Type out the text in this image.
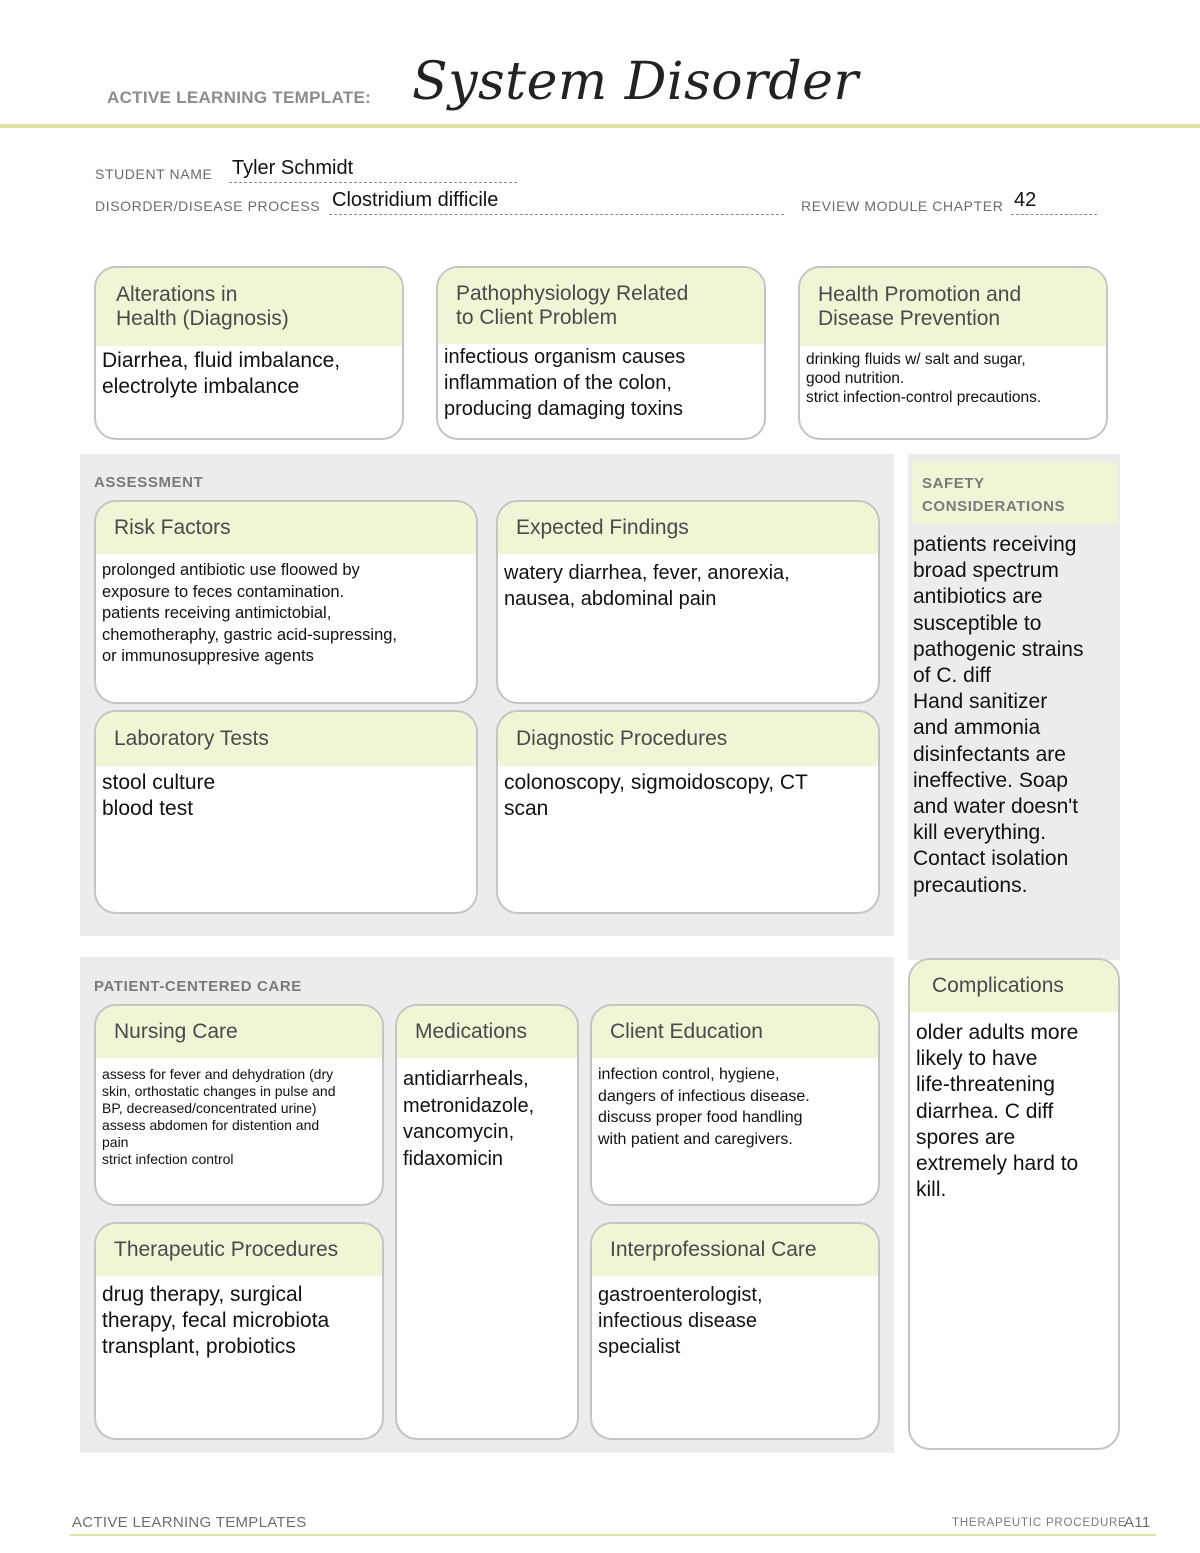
ACTIVE LEARNING TEMPLATE: System Disorder
STUDENT NAME Tyler Schmidt
DISORDER/DISEASE PROCESS Clostridium difficile	REVIEW MODULE CHAPTER 42
Alterations in
Health (Diagnosis)
Diarrhea, fluid imbalance,
electrolyte imbalance
Pathophysiology Related
to Client Problem
infectious organism causes
inflammation of the colon,
producing damaging toxins
Health Promotion and
Disease Prevention
drinking fluids w/ salt and sugar,
good nutrition.
strict infection-control precautions.
ASSESSMENT
Risk Factors
prolonged antibiotic use floowed by
exposure to feces contamination.
patients receiving antimictobial,
chemotheraphy, gastric acid-supressing,
or immunosuppresive agents
Expected Findings
watery diarrhea, fever, anorexia,
nausea, abdominal pain
Laboratory Tests
stool culture
blood test
Diagnostic Procedures
colonoscopy, sigmoidoscopy, CT
scan
SAFETY
CONSIDERATIONS
patients receiving
broad spectrum
antibiotics are
susceptible to
pathogenic strains
of C. diff
Hand sanitizer
and ammonia
disinfectants are
ineffective. Soap
and water doesn't
kill everything.
Contact isolation
precautions.
PATIENT-CENTERED CARE
Nursing Care
assess for fever and dehydration (dry
skin, orthostatic changes in pulse and
BP, decreased/concentrated urine)
assess abdomen for distention and
pain
strict infection control
Medications
antidiarrheals,
metronidazole,
vancomycin,
fidaxomicin
Client Education
infection control, hygiene,
dangers of infectious disease.
discuss proper food handling
with patient and caregivers.
Therapeutic Procedures
drug therapy, surgical
therapy, fecal microbiota
transplant, probiotics
Interprofessional Care
gastroenterologist,
infectious disease
specialist
Complications
older adults more
likely to have
life-threatening
diarrhea. C diff
spores are
extremely hard to
kill.
ACTIVE LEARNING TEMPLATES	THERAPEUTIC PROCEDURE
A11
